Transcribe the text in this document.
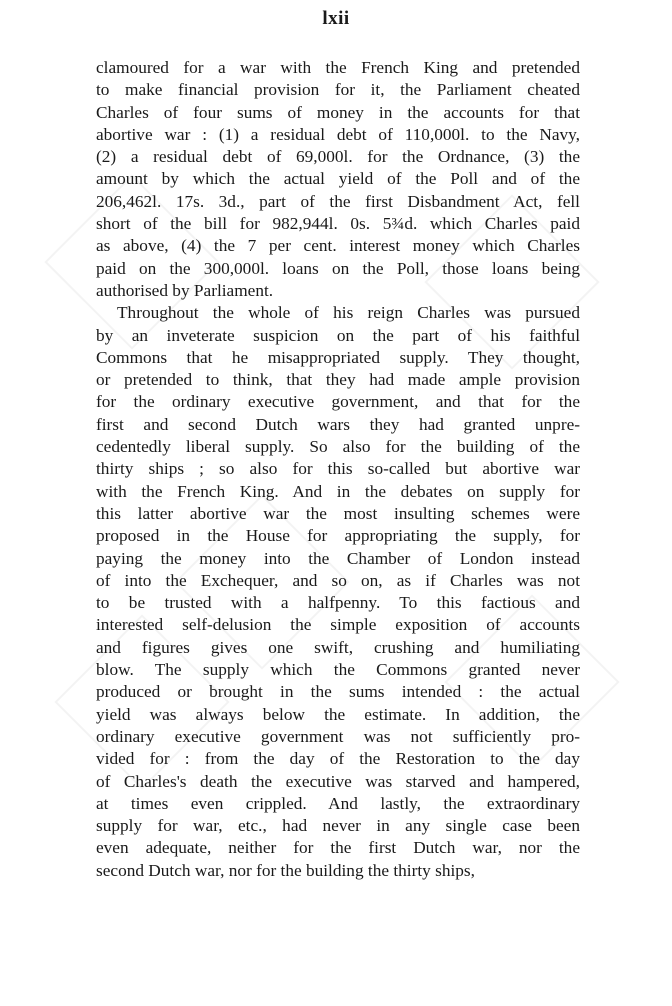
lxii
clamoured for a war with the French King and pretended
to make financial provision for it, the Parliament cheated
Charles of four sums of money in the accounts for that
abortive war : (1) a residual debt of 110,000l. to the Navy,
(2) a residual debt of 69,000l. for the Ordnance, (3) the
amount by which the actual yield of the Poll and of the
206,462l. 17s. 3d., part of the first Disbandment Act, fell
short of the bill for 982,944l. 0s. 5¾d. which Charles paid
as above, (4) the 7 per cent. interest money which Charles
paid on the 300,000l. loans on the Poll, those loans being
authorised by Parliament.
Throughout the whole of his reign Charles was pursued
by an inveterate suspicion on the part of his faithful
Commons that he misappropriated supply. They thought,
or pretended to think, that they had made ample provision
for the ordinary executive government, and that for the
first and second Dutch wars they had granted unpre-
cedentedly liberal supply. So also for the building of the
thirty ships ; so also for this so-called but abortive war
with the French King. And in the debates on supply for
this latter abortive war the most insulting schemes were
proposed in the House for appropriating the supply, for
paying the money into the Chamber of London instead
of into the Exchequer, and so on, as if Charles was not
to be trusted with a halfpenny. To this factious and
interested self-delusion the simple exposition of accounts
and figures gives one swift, crushing and humiliating
blow. The supply which the Commons granted never
produced or brought in the sums intended : the actual
yield was always below the estimate. In addition, the
ordinary executive government was not sufficiently pro-
vided for : from the day of the Restoration to the day
of Charles's death the executive was starved and hampered,
at times even crippled. And lastly, the extraordinary
supply for war, etc., had never in any single case been
even adequate, neither for the first Dutch war, nor the
second Dutch war, nor for the building the thirty ships,
